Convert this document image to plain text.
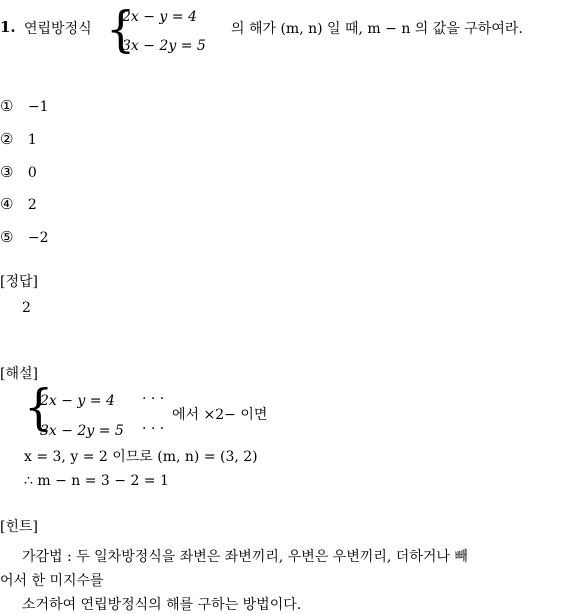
1. 연립방정식 {
2x − y = 4
3x − 2y = 5
의 해가 (m, n) 일 때, m − n 의 값을 구하여라.
① −1
② 1
③ 0
④ 2
⑤ −2
[정답]
2
[해설]
{
2x − y = 4 · · ·
3x − 2y = 5 · · ·
에서 ×2− 이면
x = 3, y = 2 이므로 (m, n) = (3, 2)
∴ m − n = 3 − 2 = 1
[힌트]
가감법 : 두 일차방정식을 좌변은 좌변끼리, 우변은 우변끼리, 더하거나 빼
어서 한 미지수를
소거하여 연립방정식의 해를 구하는 방법이다.
